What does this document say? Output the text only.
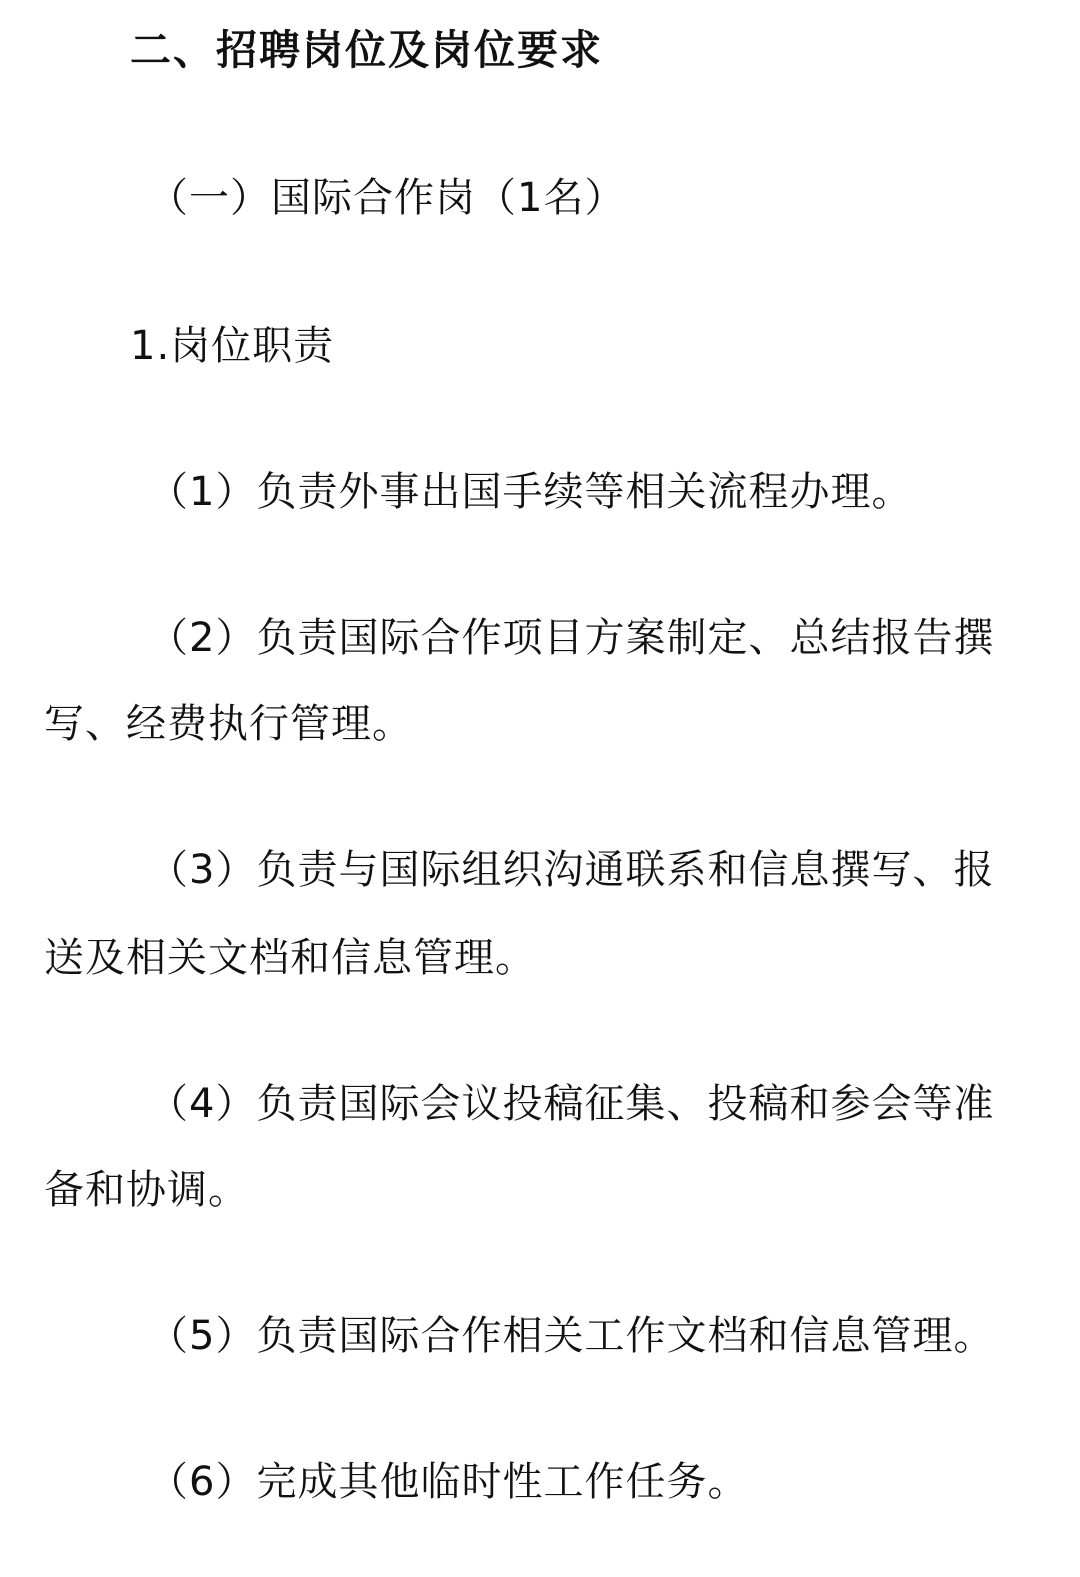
二、招聘岗位及岗位要求
（一）国际合作岗（1名）
1.岗位职责
（1）负责外事出国手续等相关流程办理。
（2）负责国际合作项目方案制定、总结报告撰
写、经费执行管理。
（3）负责与国际组织沟通联系和信息撰写、报
送及相关文档和信息管理。
（4）负责国际会议投稿征集、投稿和参会等准
备和协调。
（5）负责国际合作相关工作文档和信息管理。
（6）完成其他临时性工作任务。
